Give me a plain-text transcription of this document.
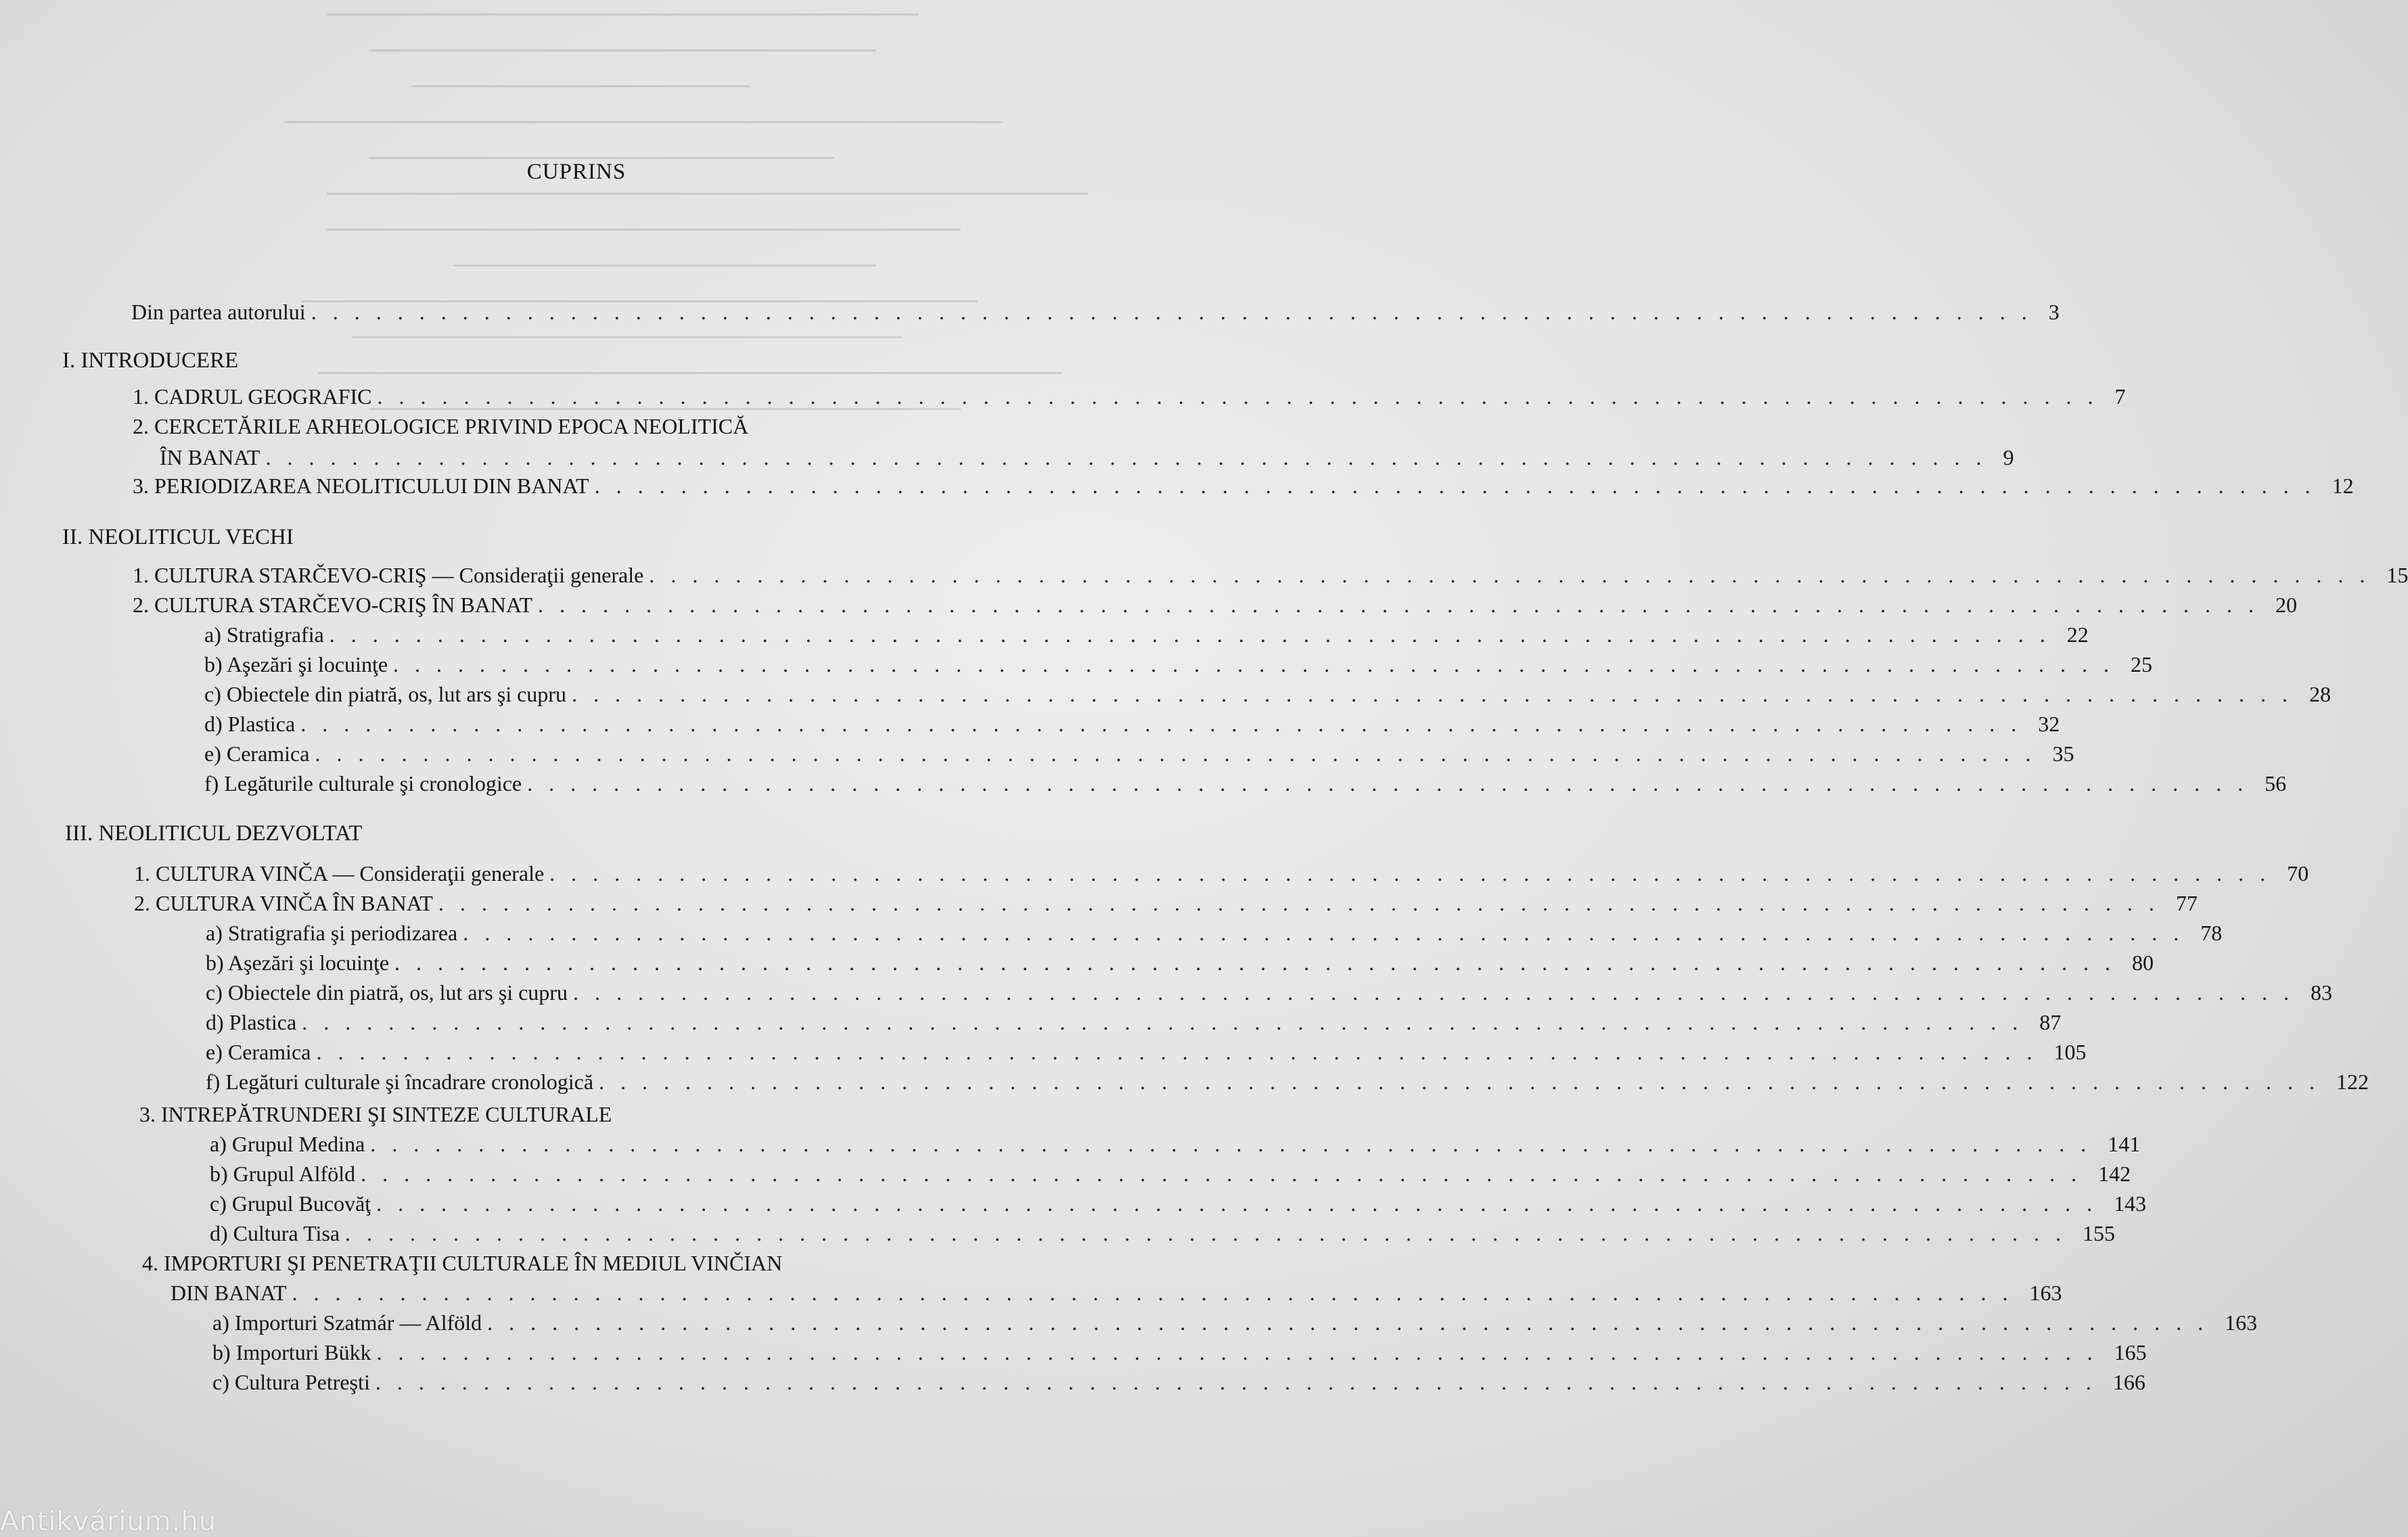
CUPRINS
Din partea autorului ................................................................................ 3
I. INTRODUCERE
1. CADRUL GEOGRAFIC ................................................................................ 7
2. CERCETĂRILE ARHEOLOGICE PRIVIND EPOCA NEOLITICĂ
ÎN BANAT ................................................................................ 9
3. PERIODIZAREA NEOLITICULUI DIN BANAT ................................................................................ 12
II. NEOLITICUL VECHI
1. CULTURA STARČEVO-CRIŞ — Consideraţii generale ................................................................................ 15
2. CULTURA STARČEVO-CRIŞ ÎN BANAT ................................................................................ 20
a) Stratigrafia ................................................................................ 22
b) Aşezări şi locuinţe ................................................................................ 25
c) Obiectele din piatră, os, lut ars şi cupru ................................................................................ 28
d) Plastica ................................................................................ 32
e) Ceramica ................................................................................ 35
f) Legăturile culturale şi cronologice ................................................................................ 56
III. NEOLITICUL DEZVOLTAT
1. CULTURA VINČA — Consideraţii generale ................................................................................ 70
2. CULTURA VINČA ÎN BANAT ................................................................................ 77
a) Stratigrafia şi periodizarea ................................................................................ 78
b) Aşezări şi locuinţe ................................................................................ 80
c) Obiectele din piatră, os, lut ars şi cupru ................................................................................ 83
d) Plastica ................................................................................ 87
e) Ceramica ................................................................................ 105
f) Legături culturale şi încadrare cronologică ................................................................................ 122
3. INTREPĂTRUNDERI ŞI SINTEZE CULTURALE
a) Grupul Medina ................................................................................ 141
b) Grupul Alföld ................................................................................ 142
c) Grupul Bucovăţ ................................................................................ 143
d) Cultura Tisa ................................................................................ 155
4. IMPORTURI ŞI PENETRAŢII CULTURALE ÎN MEDIUL VINČIAN
DIN BANAT ................................................................................ 163
a) Importuri Szatmár — Alföld ................................................................................ 163
b) Importuri Bükk ................................................................................ 165
c) Cultura Petreşti ................................................................................ 166
Antikvárium.hu
